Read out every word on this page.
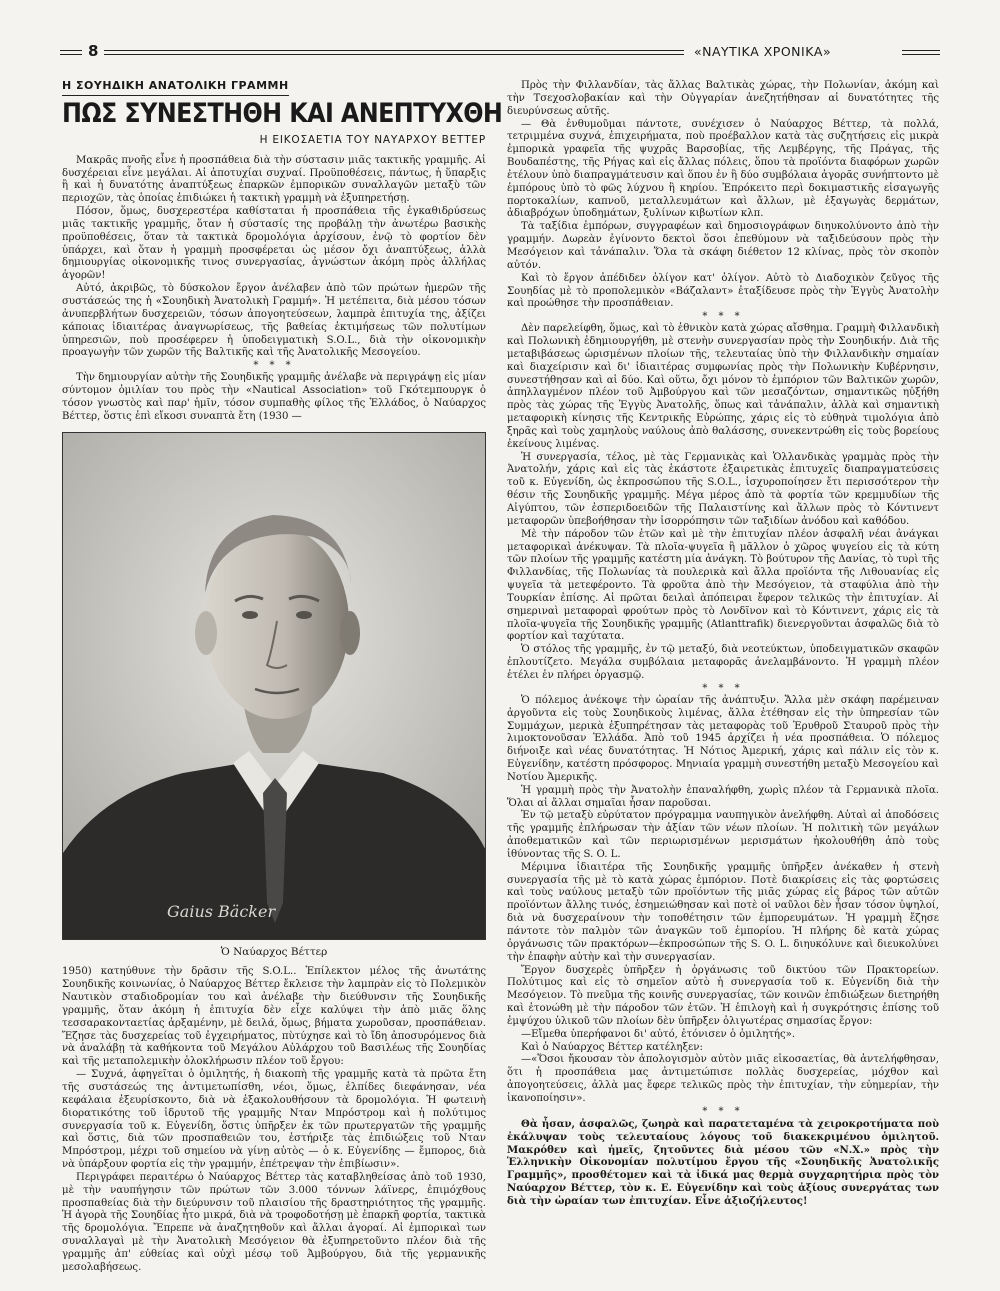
8	«ΝΑΥΤΙΚΑ ΧΡΟΝΙΚΑ»
Η ΣΟΥΗΔΙΚΗ ΑΝΑΤΟΛΙΚΗ ΓΡΑΜΜΗ
ΠΩΣ ΣΥΝΕΣΤΗΘΗ ΚΑΙ ΑΝΕΠΤΥΧΘΗ
Η ΕΙΚΟΣΑΕΤΙΑ ΤΟΥ ΝΑΥΑΡΧΟΥ ΒΕΤΤΕΡ

Μακρᾶς πνοῆς εἶνε ἡ προσπάθεια διὰ τὴν σύστασιν μιᾶς τακτικῆς γραμμῆς. Αἱ δυσχέρειαι εἶνε μεγάλαι. Αἱ ἀποτυχίαι συχναί. Προϋποθέσεις, πάντως, ἡ ὕπαρξις ἢ καὶ ἡ δυνατότης ἀναπτύξεως ἐπαρκῶν ἐμπορικῶν συναλλαγῶν μεταξὺ τῶν περιοχῶν, τὰς ὁποίας ἐπιδιώκει ἡ τακτικὴ γραμμὴ νὰ ἐξυπηρετήσῃ.

Πόσον, ὅμως, δυσχερεστέρα καθίσταται ἡ προσπάθεια τῆς ἐγκαθιδρύσεως μιᾶς τακτικῆς γραμμῆς, ὅταν ἡ σύστασίς της προβάλῃ τὴν ἀνωτέρω βασικὴς προϋποθέσεις, ὅταν τὰ τακτικὰ δρομολόγια ἀρχίσουν, ἐνῷ τὸ φορτίον δὲν ὑπάρχει, καὶ ὅταν ἡ γραμμὴ προσφέρεται ὡς μέσον ὄχι ἀναπτύξεως, ἀλλὰ δημιουργίας οἰκονομικῆς τινος συνεργασίας, ἀγνώστων ἀκόμη πρὸς ἀλλήλας ἀγορῶν!

Αὐτό, ἀκριβῶς, τὸ δύσκολον ἔργον ἀνέλαβεν ἀπὸ τῶν πρώτων ἡμερῶν τῆς συστάσεώς της ἡ «Σουηδικὴ Ἀνατολικὴ Γραμμή». Ἡ μετέπειτα, διὰ μέσου τόσων ἀνυπερβλήτων δυσχερειῶν, τόσων ἀπογοητεύσεων, λαμπρὰ ἐπιτυχία της, ἀξίζει κάποιας ἰδιαιτέρας ἀναγνωρίσεως, τῆς βαθείας ἐκτιμήσεως τῶν πολυτίμων ὑπηρεσιῶν, ποὺ προσέφερεν ἡ ὑποδειγματικὴ S.O.L., διὰ τὴν οἰκονομικὴν προαγωγὴν τῶν χωρῶν τῆς Βαλτικῆς καὶ τῆς Ἀνατολικῆς Μεσογείου.

* * *

Τὴν δημιουργίαν αὐτὴν τῆς Σουηδικῆς γραμμῆς ἀνέλαβε νὰ περιγράψῃ εἰς μίαν σύντομον ὁμιλίαν του πρὸς τὴν «Nautical Association» τοῦ Γκότεμπουργκ ὁ τόσον γνωστὸς καὶ παρ' ἡμῖν, τόσον συμπαθὴς φίλος τῆς Ἑλλάδος, ὁ Ναύαρχος Βέττερ, ὅστις ἐπὶ εἴκοσι συναπτὰ ἔτη (1930 —

Gaius Bäcker
Ὁ Ναύαρχος Βέττερ

1950) κατηύθυνε τὴν δρᾶσιν τῆς S.O.L.. Ἐπίλεκτον μέλος τῆς ἀνωτάτης Σουηδικῆς κοινωνίας, ὁ Ναύαρχος Βέττερ ἔκλεισε τὴν λαμπρὰν εἰς τὸ Πολεμικὸν Ναυτικὸν σταδιοδρομίαν του καὶ ἀνέλαβε τὴν διεύθυνσιν τῆς Σουηδικῆς γραμμῆς, ὅταν ἀκόμη ἡ ἐπιτυχία δὲν εἶχε καλύψει τὴν ἀπὸ μιᾶς ὅλης τεσσαρακονταετίας ἀρξαμένην, μὲ δειλά, ὅμως, βήματα χωροῦσαν, προσπάθειαν. Ἔζησε τὰς δυσχερείας τοῦ ἐγχειρήματος, πὺτύχησε καὶ τὸ ἴδη ἀποσυρόμενος διὰ νὰ ἀναλάβῃ τὰ καθήκοντα τοῦ Μεγάλου Αὐλάρχου τοῦ Βασιλέως τῆς Σουηδίας καὶ τῆς μεταπολεμικὴν ὁλοκλήρωσιν πλέον τοῦ ἔργου:

— Συχνά, ἀφηγεῖται ὁ ὁμιλητής, ἡ διακοπὴ τῆς γραμμῆς κατὰ τὰ πρῶτα ἔτη τῆς συστάσεώς της ἀντιμετωπίσθη, νέοι, ὅμως, ἐλπίδες διεφάνησαν, νέα κεφάλαια ἐξευρίσκοντο, διὰ νὰ ἐξακολουθήσουν τὰ δρομολόγια. Ἡ φωτεινὴ διορατικότης τοῦ ἱδρυτοῦ τῆς γραμμῆς Νταν Μπρόστρομ καὶ ἡ πολύτιμος συνεργασία τοῦ κ. Εὐγενίδη, ὅστις ὑπῆρξεν ἐκ τῶν πρωτεργατῶν τῆς γραμμῆς καὶ ὅστις, διὰ τῶν προσπαθειῶν του, ἐστήριξε τὰς ἐπιδιώξεις τοῦ Νταν Μπρόστρομ, μέχρι τοῦ σημείου νὰ γίνῃ αὐτὸς — ὁ κ. Εὐγενίδης — ἔμπορος, διὰ νὰ ὑπάρξουν φορτία εἰς τὴν γραμμήν, ἐπέτρεψαν τὴν ἐπιβίωσιν».

Περιγράφει περαιτέρω ὁ Ναύαρχος Βέττερ τὰς καταβληθείσας ἀπὸ τοῦ 1930, μὲ τὴν ναυπήγησιν τῶν πρώτων τῶν 3.000 τόννων λάϊνερς, ἐπιμόχθους προσπαθείας διὰ τὴν διεύρυνσιν τοῦ πλαισίου τῆς δραστηριότητος τῆς γραμμῆς. Ἡ ἀγορὰ τῆς Σουηδίας ἦτο μικρά, διὰ νὰ τροφοδοτήσῃ μὲ ἐπαρκῆ φορτία, τακτικὰ τῆς δρομολόγια. Ἔπρεπε νὰ ἀναζητηθοῦν καὶ ἄλλαι ἀγοραί. Αἱ ἐμπορικαὶ των συναλλαγαὶ μὲ τὴν Ἀνατολικὴ Μεσόγειον θὰ ἐξυπηρετοῦντο πλέον διὰ τῆς γραμμῆς ἀπ' εὐθείας καὶ οὐχὶ μέσῳ τοῦ Ἀμβούργου, διὰ τῆς γερμανικῆς μεσολαβήσεως.

Πρὸς τὴν Φιλλανδίαν, τὰς ἄλλας Βαλτικὰς χώρας, τὴν Πολωνίαν, ἀκόμη καὶ τὴν Τσεχοσλοβακίαν καὶ τὴν Οὑγγαρίαν ἀνεζητήθησαν αἱ δυνατότητες τῆς διευρύνσεως αὐτῆς.

— Θὰ ἐνθυμοῦμαι πάντοτε, συνέχισεν ὁ Ναύαρχος Βέττερ, τὰ πολλά, τετριμμένα συχνά, ἐπιχειρήματα, ποὺ προέβαλλον κατὰ τὰς συζητήσεις εἰς μικρὰ ἐμπορικὰ γραφεῖα τῆς ψυχρᾶς Βαρσοβίας, τῆς Λεμβέργης, τῆς Πράγας, τῆς Βουδαπέστης, τῆς Ρήγας καὶ εἰς ἄλλας πόλεις, ὅπου τὰ προϊόντα διαφόρων χωρῶν ἐτέλουν ὑπὸ διαπραγμάτευσιν καὶ ὅπου ἐν ἢ δύο συμβόλαια ἀγορᾶς συνήπτοντο μὲ ἐμπόρους ὑπὸ τὸ φῶς λύχνου ἢ κηρίου. Ἐπρόκειτο περὶ δοκιμαστικῆς εἰσαγωγῆς πορτοκαλίων, καπνοῦ, μεταλλευμάτων καὶ ἄλλων, μὲ ἐξαγωγὰς δερμάτων, ἀδιαβρόχων ὑποδημάτων, ξυλίνων κιβωτίων κλπ.

Τὰ ταξίδια ἐμπόρων, συγγραφέων καὶ δημοσιογράφων διηυκολύνοντο ἀπὸ τὴν γραμμήν. Δωρεὰν ἐγίνοντο δεκτοὶ ὅσοι ἐπεθύμουν νὰ ταξιδεύσουν πρὸς τὴν Μεσόγειον καὶ τἀνάπαλιν. Ὅλα τὰ σκάφη διέθετον 12 κλίνας, πρὸς τὸν σκοπὸν αὐτόν.

Καὶ τὸ ἔργον ἀπέδιδεν ὀλίγον κατ' ὀλίγον. Αὐτὸ τὸ Διαδοχικὸν ζεῦγος τῆς Σουηδίας μὲ τὸ προπολεμικὸν «Βάζαλαντ» ἐταξίδευσε πρὸς τὴν Ἐγγὺς Ἀνατολὴν καὶ προώθησε τὴν προσπάθειαν.

* * *

Δὲν παρελείφθη, ὅμως, καὶ τὸ ἐθνικὸν κατὰ χώρας αἴσθημα. Γραμμὴ Φιλλανδικὴ καὶ Πολωνικὴ ἐδημιουργήθη, μὲ στενὴν συνεργασίαν πρὸς τὴν Σουηδικήν. Διὰ τῆς μεταβιβάσεως ὡρισμένων πλοίων τῆς, τελευταίας ὑπὸ τὴν Φιλλανδικὴν σημαίαν καὶ διαχείρισιν καὶ δι' ἰδιαιτέρας συμφωνίας πρὸς τὴν Πολωνικὴν Κυβέρνησιν, συνεστήθησαν καὶ αἱ δύο. Καὶ οὕτω, ὄχι μόνον τὸ ἐμπόριον τῶν Βαλτικῶν χωρῶν, ἀπηλλαγμένον πλέον τοῦ Ἀμβούργου καὶ τῶν μεσαζόντων, σημαντικῶς ηὐξήθη πρὸς τὰς χώρας τῆς Ἐγγὺς Ἀνατολῆς, ὅπως καὶ τἀνάπαλιν, ἀλλὰ καὶ σημαντικὴ μεταφορικὴ κίνησις τῆς Κεντρικῆς Εὐρώπης, χάρις εἰς τὸ εὐθηνὰ τιμολόγια ἀπὸ ξηρᾶς καὶ τοὺς χαμηλοὺς ναύλους ἀπὸ θαλάσσης, συνεκεντρώθη εἰς τοὺς βορείους ἐκείνους λιμένας.

Ἡ συνεργασία, τέλος, μὲ τὰς Γερμανικὰς καὶ Ὁλλανδικὰς γραμμὰς πρὸς τὴν Ἀνατολήν, χάρις καὶ εἰς τὰς ἑκάστοτε ἐξαιρετικὰς ἐπιτυχεῖς διαπραγματεύσεις τοῦ κ. Εὐγενίδη, ὡς ἐκπροσώπου τῆς S.O.L., ἰσχυροποίησεν ἔτι περισσότερον τὴν θέσιν τῆς Σουηδικῆς γραμμῆς. Μέγα μέρος ἀπὸ τὰ φορτία τῶν κρεμμυδίων τῆς Αἰγύπτου, τῶν ἐσπεριδοειδῶν τῆς Παλαιστίνης καὶ ἄλλων πρὸς τὸ Κόντινεντ μεταφορῶν ὑπεβοήθησαν τὴν ἰσορρόπησιν τῶν ταξιδίων ἀνόδου καὶ καθόδου.

Μὲ τὴν πάροδον τῶν ἐτῶν καὶ μὲ τὴν ἐπιτυχίαν πλέον ἀσφαλῆ νέαι ἀνάγκαι μεταφορικαὶ ἀνέκυψαν. Τὰ πλοῖα-ψυγεῖα ἢ μᾶλλον ὁ χῶρος ψυγείου εἰς τὰ κύτη τῶν πλοίων τῆς γραμμῆς κατέστη μία ἀνάγκη. Τὸ βούτυρον τῆς Δανίας, τὸ τυρὶ τῆς Φιλλανδίας, τῆς Πολωνίας τὰ πουλερικὰ καὶ ἄλλα προϊόντα τῆς Λιθουανίας εἰς ψυγεῖα τὰ μετεφέροντο. Τὰ φροῦτα ἀπὸ τὴν Μεσόγειον, τὰ σταφύλια ἀπὸ τὴν Τουρκίαν ἐπίσης. Αἱ πρῶται δειλαὶ ἀπόπειραι ἔφερον τελικῶς τὴν ἐπιτυχίαν. Αἱ σημεριναὶ μεταφοραὶ φρούτων πρὸς τὸ Λονδῖνον καὶ τὸ Κόντινεντ, χάρις εἰς τὰ πλοῖα-ψυγεῖα τῆς Σουηδικῆς γραμμῆς (Atlanttrafik) διενεργοῦνται ἀσφαλῶς διὰ τὸ φορτίον καὶ ταχύτατα.

Ὁ στόλος τῆς γραμμῆς, ἐν τῷ μεταξύ, διὰ νεοτεύκτων, ὑποδειγματικῶν σκαφῶν ἐπλουτίζετο. Μεγάλα συμβόλαια μεταφορᾶς ἀνελαμβάνοντο. Ἡ γραμμὴ πλέον ἐτέλει ἐν πλήρει ὀργασμῷ.

* * *

Ὁ πόλεμος ἀνέκοψε τὴν ὡραίαν τῆς ἀνάπτυξιν. Ἄλλα μὲν σκάφη παρέμειναν ἀργοῦντα εἰς τοὺς Σουηδικοὺς λιμένας, ἄλλα ἐτέθησαν εἰς τὴν ὑπηρεσίαν τῶν Συμμάχων, μερικὰ ἐξυπηρέτησαν τὰς μεταφορὰς τοῦ Ἐρυθροῦ Σταυροῦ πρὸς τὴν λιμοκτονοῦσαν Ἑλλάδα. Ἀπὸ τοῦ 1945 ἀρχίζει ἡ νέα προσπάθεια. Ὁ πόλεμος διήνοιξε καὶ νέας δυνατότητας. Ἡ Νότιος Ἀμερική, χάρις καὶ πάλιν εἰς τὸν κ. Εὐγενίδην, κατέστη πρόσφορος. Μηνιαία γραμμὴ συνεστήθη μεταξὺ Μεσογείου καὶ Νοτίου Ἀμερικῆς.

Ἡ γραμμὴ πρὸς τὴν Ἀνατολὴν ἐπαναλήφθη, χωρὶς πλέον τὰ Γερμανικὰ πλοῖα. Ὅλαι αἱ ἄλλαι σημαῖαι ἦσαν παροῦσαι.

Ἐν τῷ μεταξὺ εὐρύτατον πρόγραμμα ναυπηγικὸν ἀνελήφθη. Αὐταὶ αἱ ἀποδόσεις τῆς γραμμῆς ἐπλήρωσαν τὴν ἀξίαν τῶν νέων πλοίων. Ἡ πολιτικὴ τῶν μεγάλων ἀποθεματικῶν καὶ τῶν περιωρισμένων μερισμάτων ἠκολουθήθη ἀπὸ τοὺς ἰθύνοντας τῆς S. O. L.

Μέριμνα ἰδιαιτέρα τῆς Σουηδικῆς γραμμῆς ὑπῆρξεν ἀνέκαθεν ἡ στενὴ συνεργασία τῆς μὲ τὸ κατὰ χώρας ἐμπόριον. Ποτὲ διακρίσεις εἰς τὰς φορτώσεις καὶ τοὺς ναύλους μεταξὺ τῶν προϊόντων τῆς μιᾶς χώρας εἰς βάρος τῶν αὐτῶν προϊόντων ἄλλης τινός, ἐσημειώθησαν καὶ ποτὲ οἱ ναῦλοι δὲν ἦσαν τόσον ὑψηλοί, διὰ νὰ δυσχεραίνουν τὴν τοποθέτησιν τῶν ἐμπορευμάτων. Ἡ γραμμὴ ἔζησε πάντοτε τὸν παλμὸν τῶν ἀναγκῶν τοῦ ἐμπορίου. Ἡ πλήρης δὲ κατὰ χώρας ὀργάνωσις τῶν πρακτόρων—ἐκπροσώπων τῆς S. O. L. διηυκόλυνε καὶ διευκολύνει τὴν ἐπαφὴν αὐτὴν καὶ τὴν συνεργασίαν.

Ἔργον δυσχερὲς ὑπῆρξεν ἡ ὀργάνωσις τοῦ δικτύου τῶν Πρακτορείων. Πολύτιμος καὶ εἰς τὸ σημεῖον αὐτὸ ἡ συνεργασία τοῦ κ. Εὐγενίδη διὰ τὴν Μεσόγειον. Τὸ πνεῦμα τῆς κοινῆς συνεργασίας, τῶν κοινῶν ἐπιδιώξεων διετηρήθη καὶ ἐτονώθη μὲ τὴν πάροδον τῶν ἐτῶν. Ἡ ἐπιλογὴ καὶ ἡ συγκρότησις ἐπίσης τοῦ ἐμψύχου ὑλικοῦ τῶν πλοίων δὲν ὑπῆρξεν ὀλιγωτέρας σημασίας ἔργον:

—Εἴμεθα ὑπερήφανοι δι' αὐτό, ἐτόνισεν ὁ ὁμιλητής».

Καὶ ὁ Ναύαρχος Βέττερ κατέληξεν:

—«Ὅσοι ἤκουσαν τὸν ἀπολογισμὸν αὐτὸν μιᾶς εἰκοσαετίας, θὰ ἀντελήφθησαν, ὅτι ἡ προσπάθεια μας ἀντιμετώπισε πολλὰς δυσχερείας, μόχθον καὶ ἀπογοητεύσεις, ἀλλὰ μας ἔφερε τελικῶς πρὸς τὴν ἐπιτυχίαν, τὴν εὐημερίαν, τὴν ἱκανοποίησιν».

* * *

Θὰ ἦσαν, ἀσφαλῶς, ζωηρὰ καὶ παρατεταμένα τὰ χειροκροτήματα ποὺ ἐκάλυψαν τοὺς τελευταίους λόγους τοῦ διακεκριμένου ὁμιλητοῦ. Μακρόθεν καὶ ἡμεῖς, ζητοῦντες διὰ μέσου τῶν «Ν.Χ.» πρὸς τὴν Ἑλληνικὴν Οἰκονομίαν πολυτίμου ἔργου τῆς «Σουηδικῆς Ἀνατολικῆς Γραμμῆς», προσθέτομεν καὶ τὰ ἰδικά μας θερμὰ συγχαρητήρια πρὸς τὸν Ναύαρχον Βέττερ, τὸν κ. Ε. Εὐγενίδην καὶ τοὺς ἀξίους συνεργάτας των διὰ τὴν ὡραίαν των ἐπιτυχίαν. Εἶνε ἀξιοζήλευτος!
